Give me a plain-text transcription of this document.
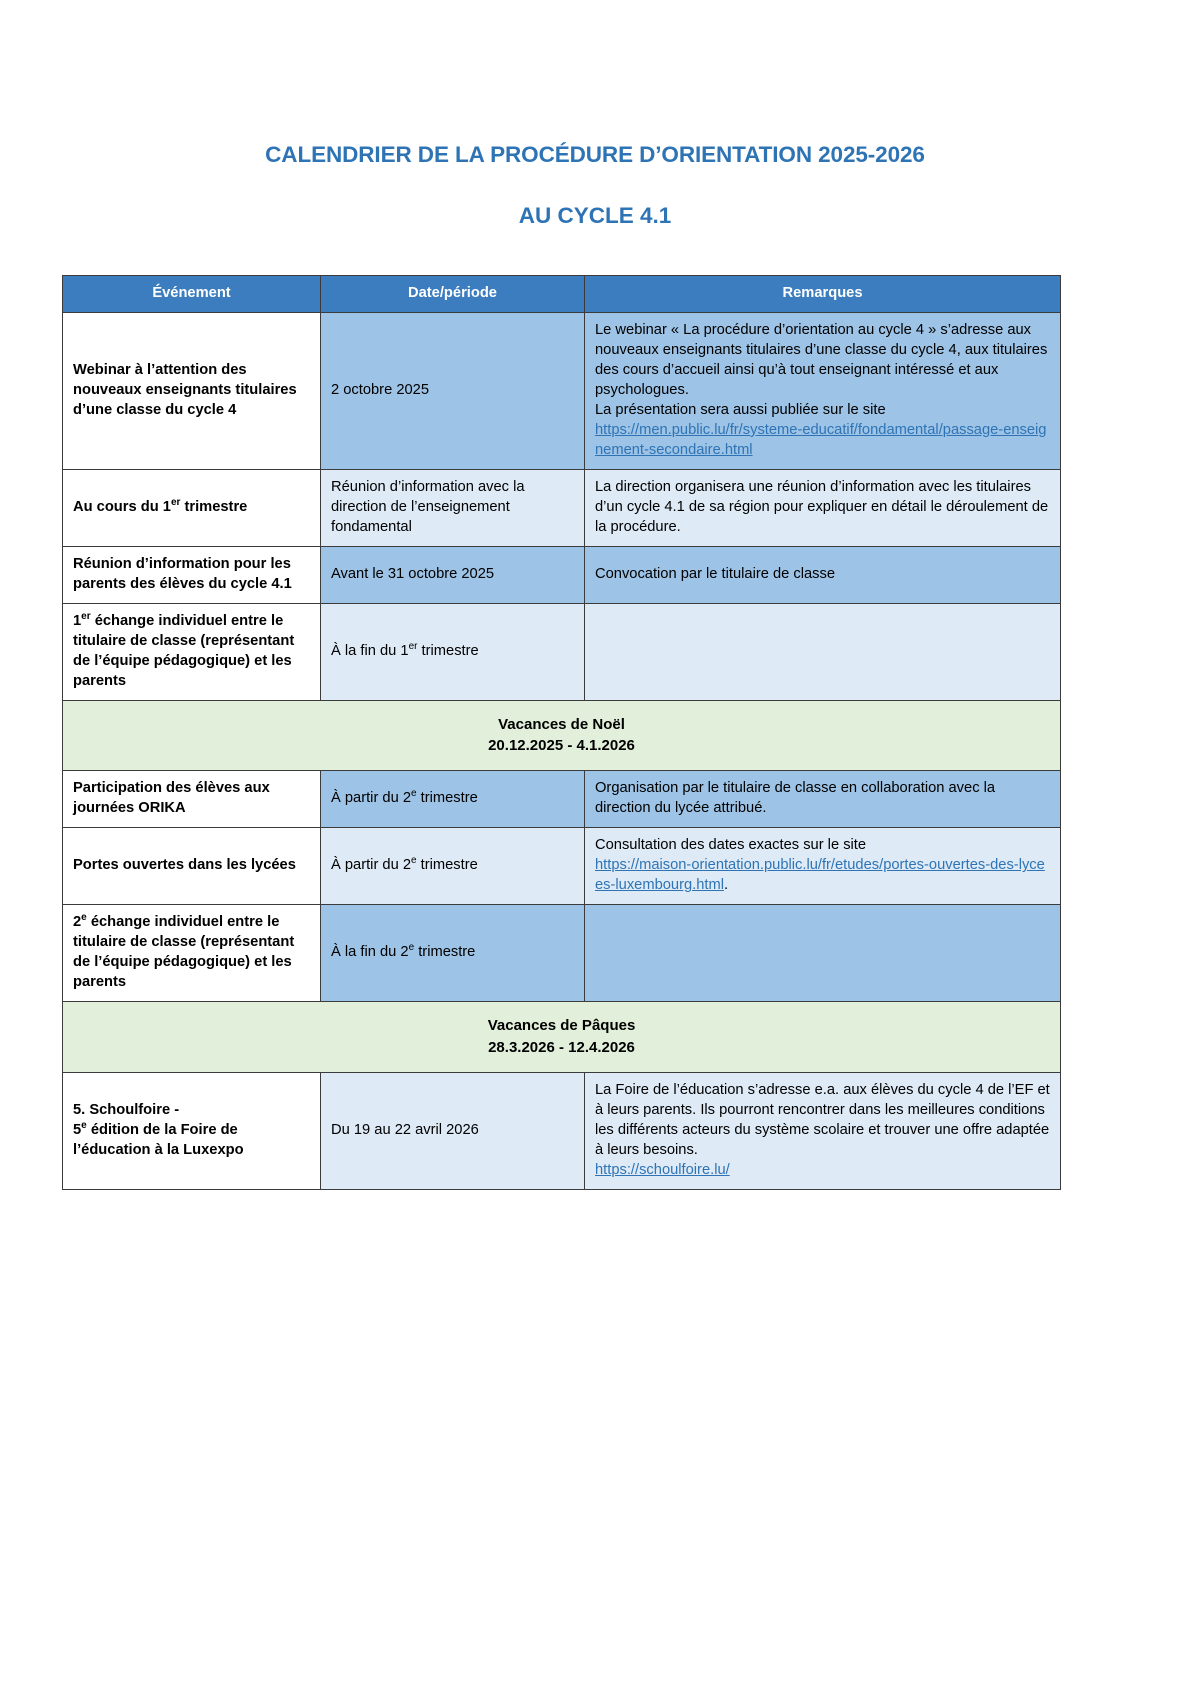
CALENDRIER DE LA PROCÉDURE D’ORIENTATION 2025-2026
AU CYCLE 4.1
Événement	Date/période	Remarques
Webinar à l’attention des nouveaux enseignants titulaires d’une classe du cycle 4	2 octobre 2025	Le webinar « La procédure d’orientation au cycle 4 » s’adresse aux nouveaux enseignants titulaires d’une classe du cycle 4, aux titulaires des cours d’accueil ainsi qu’à tout enseignant intéressé et aux psychologues.
La présentation sera aussi publiée sur le site
https://men.public.lu/fr/systeme-educatif/fondamental/passage-enseignement-secondaire.html
Au cours du 1er trimestre	Réunion d’information avec la direction de l’enseignement fondamental	La direction organisera une réunion d’information avec les titulaires d’un cycle 4.1 de sa région pour expliquer en détail le déroulement de la procédure.
Réunion d’information pour les parents des élèves du cycle 4.1	Avant le 31 octobre 2025	Convocation par le titulaire de classe
1er échange individuel entre le titulaire de classe (représentant de l’équipe pédagogique) et les parents	À la fin du 1er trimestre	

Vacances de Noël
20.12.2025 - 4.1.2026		

Participation des élèves aux journées ORIKA	À partir du 2e trimestre	Organisation par le titulaire de classe en collaboration avec la direction du lycée attribué.
Portes ouvertes dans les lycées	À partir du 2e trimestre	Consultation des dates exactes sur le site
https://maison-orientation.public.lu/fr/etudes/portes-ouvertes-des-lycees-luxembourg.html.
2e échange individuel entre le titulaire de classe (représentant de l’équipe pédagogique) et les parents	À la fin du 2e trimestre	

Vacances de Pâques
28.3.2026 - 12.4.2026		

5. Schoulfoire -
5e édition de la Foire de l’éducation à la Luxexpo	Du 19 au 22 avril 2026	La Foire de l’éducation s’adresse e.a. aux élèves du cycle 4 de l’EF et à leurs parents. Ils pourront rencontrer dans les meilleures conditions les différents acteurs du système scolaire et trouver une offre adaptée à leurs besoins.
https://schoulfoire.lu/
